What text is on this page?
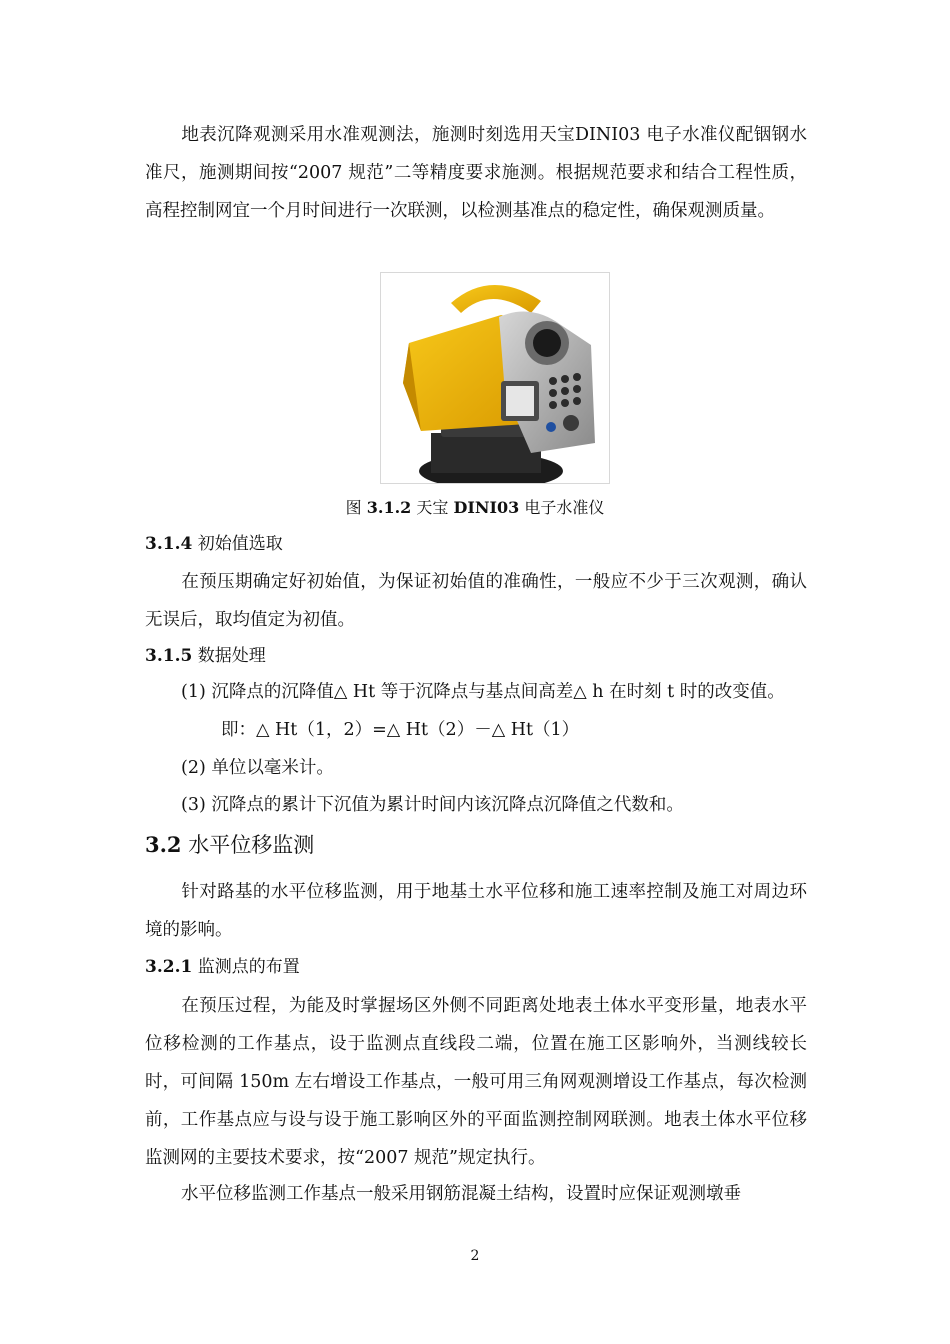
地表沉降观测采用水准观测法，施测时刻选用天宝DINI03 电子水准仪配铟钢水准尺，施测期间按“2007 规范”二等精度要求施测。根据规范要求和结合工程性质，高程控制网宜一个月时间进行一次联测，以检测基准点的稳定性，确保观测质量。

图 3.1.2 天宝 DINI03 电子水准仪

3.1.4 初始值选取

在预压期确定好初始值，为保证初始值的准确性，一般应不少于三次观测，确认无误后，取均值定为初值。

3.1.5 数据处理

(1) 沉降点的沉降值△ Ht 等于沉降点与基点间高差△ h 在时刻 t 时的改变值。

即：△ Ht（1，2）=△ Ht（2）－△ Ht（1）

(2) 单位以毫米计。

(3) 沉降点的累计下沉值为累计时间内该沉降点沉降值之代数和。

3.2 水平位移监测

针对路基的水平位移监测，用于地基土水平位移和施工速率控制及施工对周边环境的影响。

3.2.1 监测点的布置

在预压过程，为能及时掌握场区外侧不同距离处地表土体水平变形量，地表水平位移检测的工作基点，设于监测点直线段二端，位置在施工区影响外，当测线较长时，可间隔 150m 左右增设工作基点，一般可用三角网观测增设工作基点，每次检测前，工作基点应与设与设于施工影响区外的平面监测控制网联测。地表土体水平位移监测网的主要技术要求，按“2007 规范”规定执行。

水平位移监测工作基点一般采用钢筋混凝土结构，设置时应保证观测墩垂

2
